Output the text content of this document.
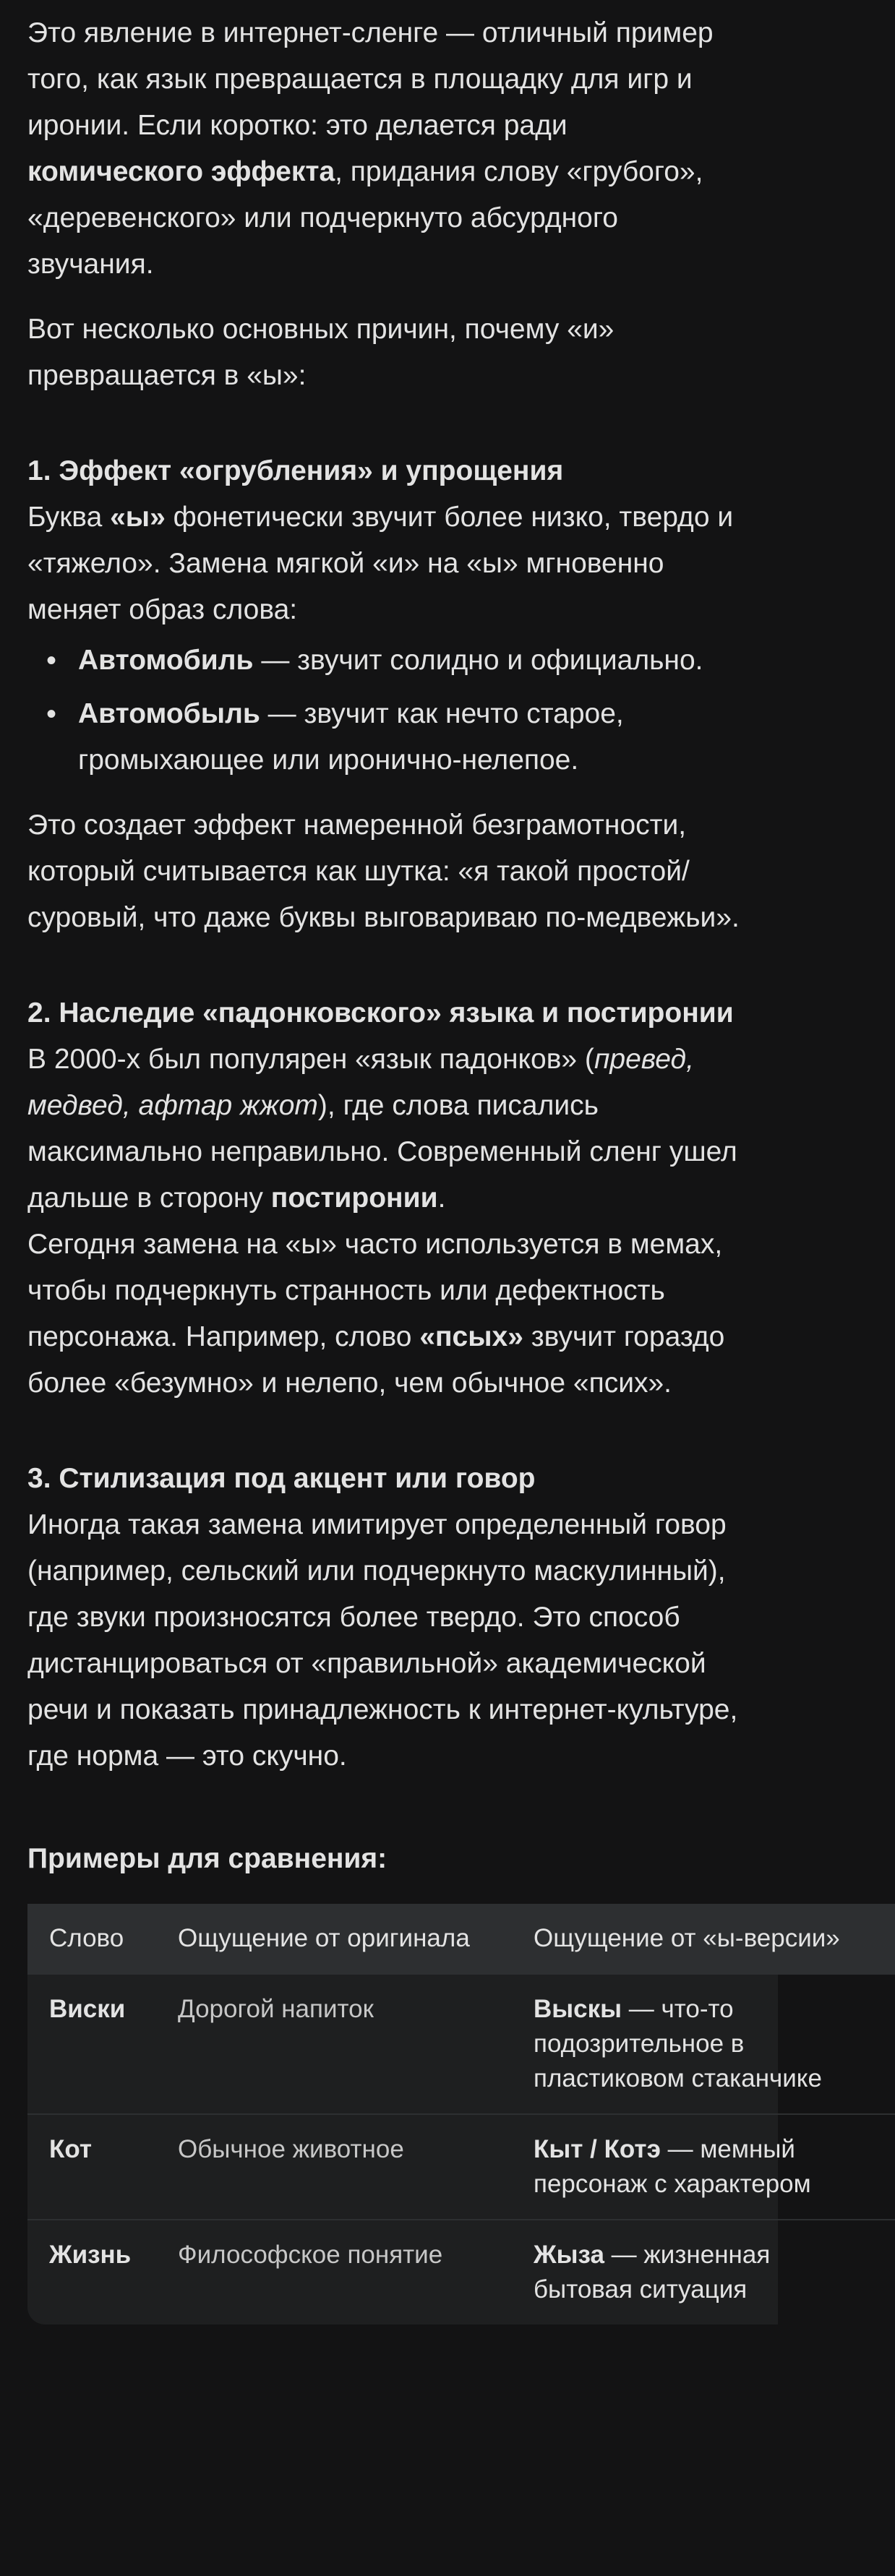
Это явление в интернет-сленге — отличный пример того, как язык превращается в площадку для игр и иронии. Если коротко: это делается ради комического эффекта, придания слову «грубого», «деревенского» или подчеркнуто абсурдного звучания.

Вот несколько основных причин, почему «и» превращается в «ы»:

1. Эффект «огрубления» и упрощения

Буква «ы» фонетически звучит более низко, твердо и «тяжело». Замена мягкой «и» на «ы» мгновенно меняет образ слова:

• Автомобиль — звучит солидно и официально.
• Автомобыль — звучит как нечто старое, громыхающее или иронично-нелепое.

Это создает эффект намеренной безграмотности, который считывается как шутка: «я такой простой/суровый, что даже буквы выговариваю по-медвежьи».

2. Наследие «падонковского» языка и постиронии

В 2000-х был популярен «язык падонков» (превед, медвед, афтар жжот), где слова писались максимально неправильно. Современный сленг ушел дальше в сторону постиронии.

Сегодня замена на «ы» часто используется в мемах, чтобы подчеркнуть странность или дефектность персонажа. Например, слово «псых» звучит гораздо более «безумно» и нелепо, чем обычное «псих».

3. Стилизация под акцент или говор

Иногда такая замена имитирует определенный говор (например, сельский или подчеркнуто маскулинный), где звуки произносятся более твердо. Это способ дистанцироваться от «правильной» академической речи и показать принадлежность к интернет-культуре, где норма — это скучно.

Примеры для сравнения:
Слово	Ощущение от оригинала	Ощущение от «ы-версии»
Виски	Дорогой напиток	Выскы — что-то подозрительное в пластиковом стаканчике
Кот	Обычное животное	Кыт / Котэ — мемный персонаж с характером
Жизнь	Философское понятие	Жыза — жизненная бытовая ситуация
